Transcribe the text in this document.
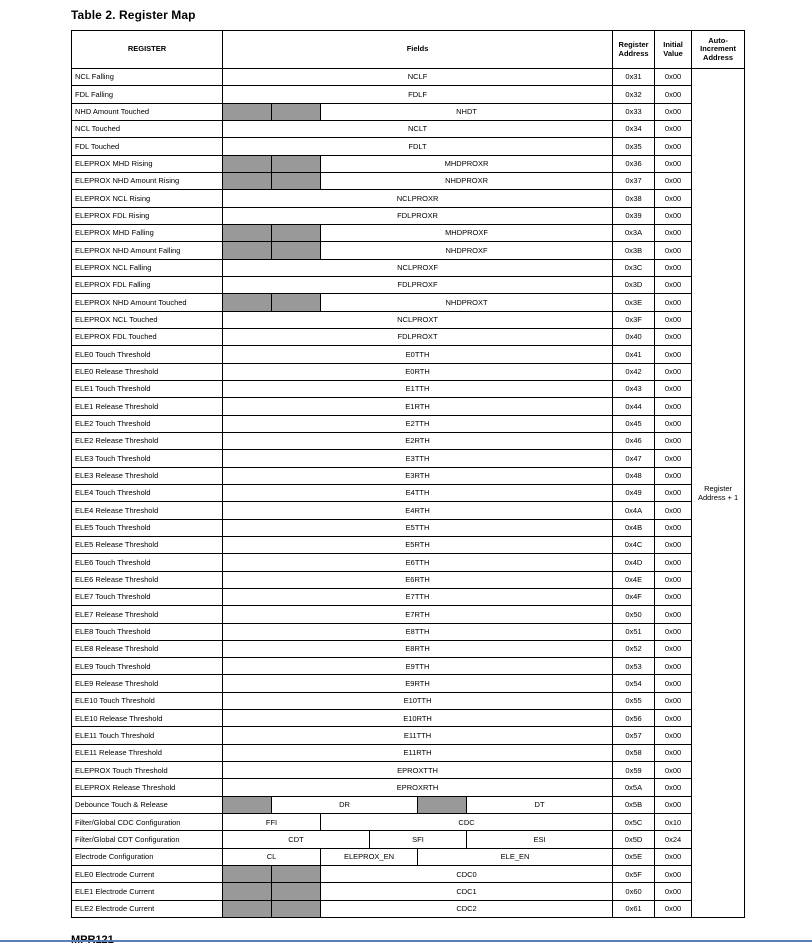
Table 2. Register Map
REGISTER	Fields						Register Address	Initial Value	Auto-Increment Address
NCL Falling	NCLF						0x31	0x00	Register Address + 1
FDL Falling	FDLF						0x32	0x00	
NHD Amount Touched			NHDT				0x33	0x00	
NCL Touched	NCLT						0x34	0x00	
FDL Touched	FDLT						0x35	0x00	
ELEPROX MHD Rising			MHDPROXR				0x36	0x00	
ELEPROX NHD Amount Rising			NHDPROXR				0x37	0x00	
ELEPROX NCL Rising	NCLPROXR						0x38	0x00	
ELEPROX FDL Rising	FDLPROXR						0x39	0x00	
ELEPROX MHD Falling			MHDPROXF				0x3A	0x00	
ELEPROX NHD Amount Falling			NHDPROXF				0x3B	0x00	
ELEPROX NCL Falling	NCLPROXF						0x3C	0x00	
ELEPROX FDL Falling	FDLPROXF						0x3D	0x00	
ELEPROX NHD Amount Touched			NHDPROXT				0x3E	0x00	
ELEPROX NCL Touched	NCLPROXT						0x3F	0x00	
ELEPROX FDL Touched	FDLPROXT						0x40	0x00	
ELE0 Touch Threshold	E0TTH						0x41	0x00	
ELE0 Release Threshold	E0RTH						0x42	0x00	
ELE1 Touch Threshold	E1TTH						0x43	0x00	
ELE1 Release Threshold	E1RTH						0x44	0x00	
ELE2 Touch Threshold	E2TTH						0x45	0x00	
ELE2 Release Threshold	E2RTH						0x46	0x00	
ELE3 Touch Threshold	E3TTH						0x47	0x00	
ELE3 Release Threshold	E3RTH						0x48	0x00	
ELE4 Touch Threshold	E4TTH						0x49	0x00	
ELE4 Release Threshold	E4RTH						0x4A	0x00	
ELE5 Touch Threshold	E5TTH						0x4B	0x00	
ELE5 Release Threshold	E5RTH						0x4C	0x00	
ELE6 Touch Threshold	E6TTH						0x4D	0x00	
ELE6 Release Threshold	E6RTH						0x4E	0x00	
ELE7 Touch Threshold	E7TTH						0x4F	0x00	
ELE7 Release Threshold	E7RTH						0x50	0x00	
ELE8 Touch Threshold	E8TTH						0x51	0x00	
ELE8 Release Threshold	E8RTH						0x52	0x00	
ELE9 Touch Threshold	E9TTH						0x53	0x00	
ELE9 Release Threshold	E9RTH						0x54	0x00	
ELE10 Touch Threshold	E10TTH						0x55	0x00	
ELE10 Release Threshold	E10RTH						0x56	0x00	
ELE11 Touch Threshold	E11TTH						0x57	0x00	
ELE11 Release Threshold	E11RTH						0x58	0x00	
ELEPROX Touch Threshold	EPROXTTH						0x59	0x00	
ELEPROX Release Threshold	EPROXRTH						0x5A	0x00	
Debounce Touch & Release		DR				DT	0x5B	0x00	
Filter/Global CDC Configuration	FFI		CDC				0x5C	0x10	
Filter/Global CDT Configuration	CDT			SFI		ESI	0x5D	0x24	
Electrode Configuration	CL		ELEPROX_EN		ELE_EN		0x5E	0x00	
ELE0 Electrode Current			CDC0				0x5F	0x00	
ELE1 Electrode Current			CDC1				0x60	0x00	
ELE2 Electrode Current			CDC2				0x61	0x00	
